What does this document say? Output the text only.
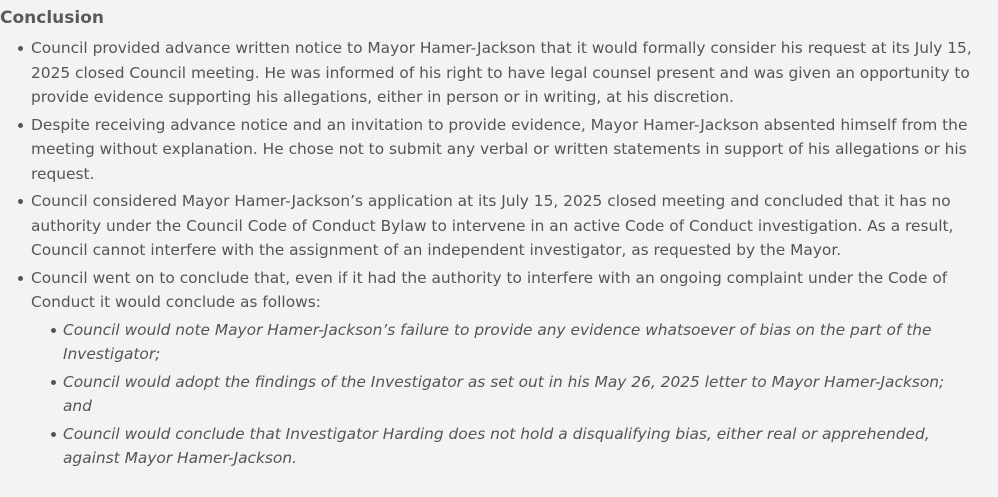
Conclusion
Council provided advance written notice to Mayor Hamer-Jackson that it would formally consider his request at its July 15, 2025 closed Council meeting. He was informed of his right to have legal counsel present and was given an opportunity to provide evidence supporting his allegations, either in person or in writing, at his discretion.
Despite receiving advance notice and an invitation to provide evidence, Mayor Hamer-Jackson absented himself from the meeting without explanation. He chose not to submit any verbal or written statements in support of his allegations or his request.
Council considered Mayor Hamer-Jackson’s application at its July 15, 2025 closed meeting and concluded that it has no authority under the Council Code of Conduct Bylaw to intervene in an active Code of Conduct investigation. As a result, Council cannot interfere with the assignment of an independent investigator, as requested by the Mayor.
Council went on to conclude that, even if it had the authority to interfere with an ongoing complaint under the Code of Conduct it would conclude as follows:
Council would note Mayor Hamer-Jackson’s failure to provide any evidence whatsoever of bias on the part of the Investigator;
Council would adopt the findings of the Investigator as set out in his May 26, 2025 letter to Mayor Hamer-Jackson; and
Council would conclude that Investigator Harding does not hold a disqualifying bias, either real or apprehended, against Mayor Hamer-Jackson.
